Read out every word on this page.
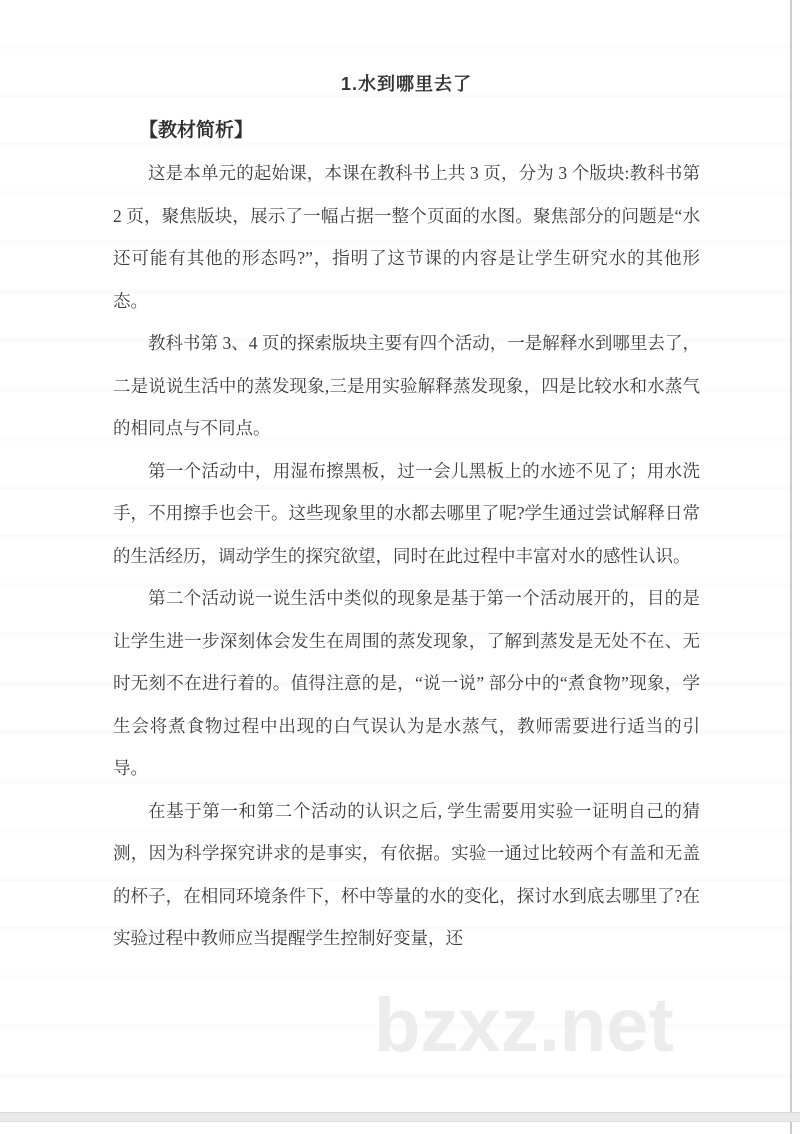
1.水到哪里去了
【教材简析】

这是本单元的起始课，本课在教科书上共 3 页，分为 3 个版块:教科书第 2 页，聚焦版块，展示了一幅占据一整个页面的水图。聚焦部分的问题是“水还可能有其他的形态吗?”，指明了这节课的内容是让学生研究水的其他形态。

教科书第 3、4 页的探索版块主要有四个活动，一是解释水到哪里去了，二是说说生活中的蒸发现象,三是用实验解释蒸发现象，四是比较水和水蒸气的相同点与不同点。

第一个活动中，用湿布擦黑板，过一会儿黑板上的水迹不见了；用水洗手，不用擦手也会干。这些现象里的水都去哪里了呢?学生通过尝试解释日常的生活经历，调动学生的探究欲望，同时在此过程中丰富对水的感性认识。

第二个活动说一说生活中类似的现象是基于第一个活动展开的，目的是让学生进一步深刻体会发生在周围的蒸发现象，了解到蒸发是无处不在、无时无刻不在进行着的。值得注意的是，“说一说” 部分中的“煮食物”现象，学生会将煮食物过程中出现的白气误认为是水蒸气，教师需要进行适当的引导。

在基于第一和第二个活动的认识之后, 学生需要用实验一证明自己的猜测，因为科学探究讲求的是事实，有依据。实验一通过比较两个有盖和无盖的杯子，在相同环境条件下，杯中等量的水的变化，探讨水到底去哪里了?在实验过程中教师应当提醒学生控制好变量，还

bzxz.net
